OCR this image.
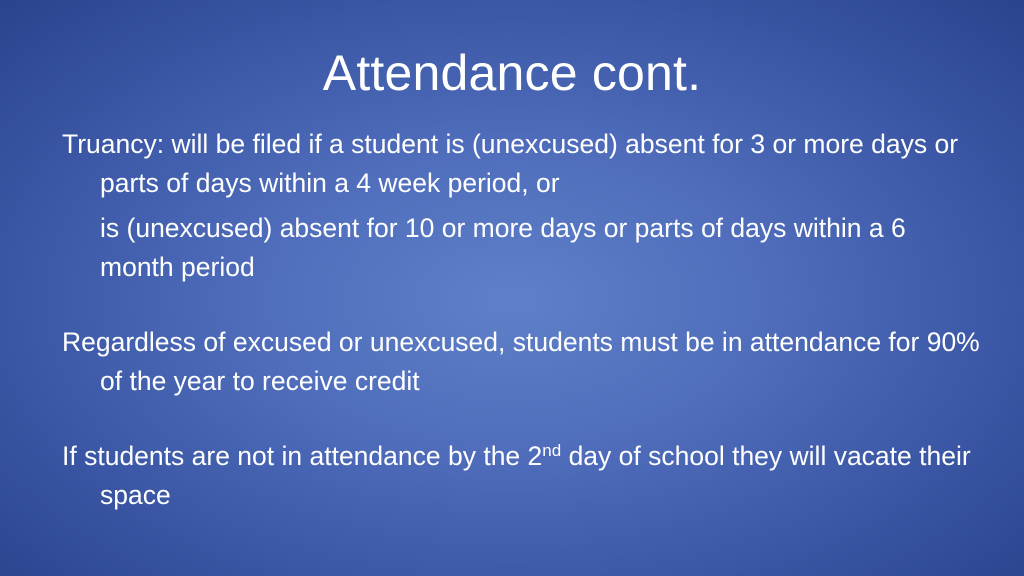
Attendance cont.

Truancy: will be filed if a student is (unexcused) absent for 3 or more days or parts of days within a 4 week period, or

is (unexcused) absent for 10 or more days or parts of days within a 6 month period

Regardless of excused or unexcused, students must be in attendance for 90% of the year to receive credit

If students are not in attendance by the 2nd day of school they will vacate their space
